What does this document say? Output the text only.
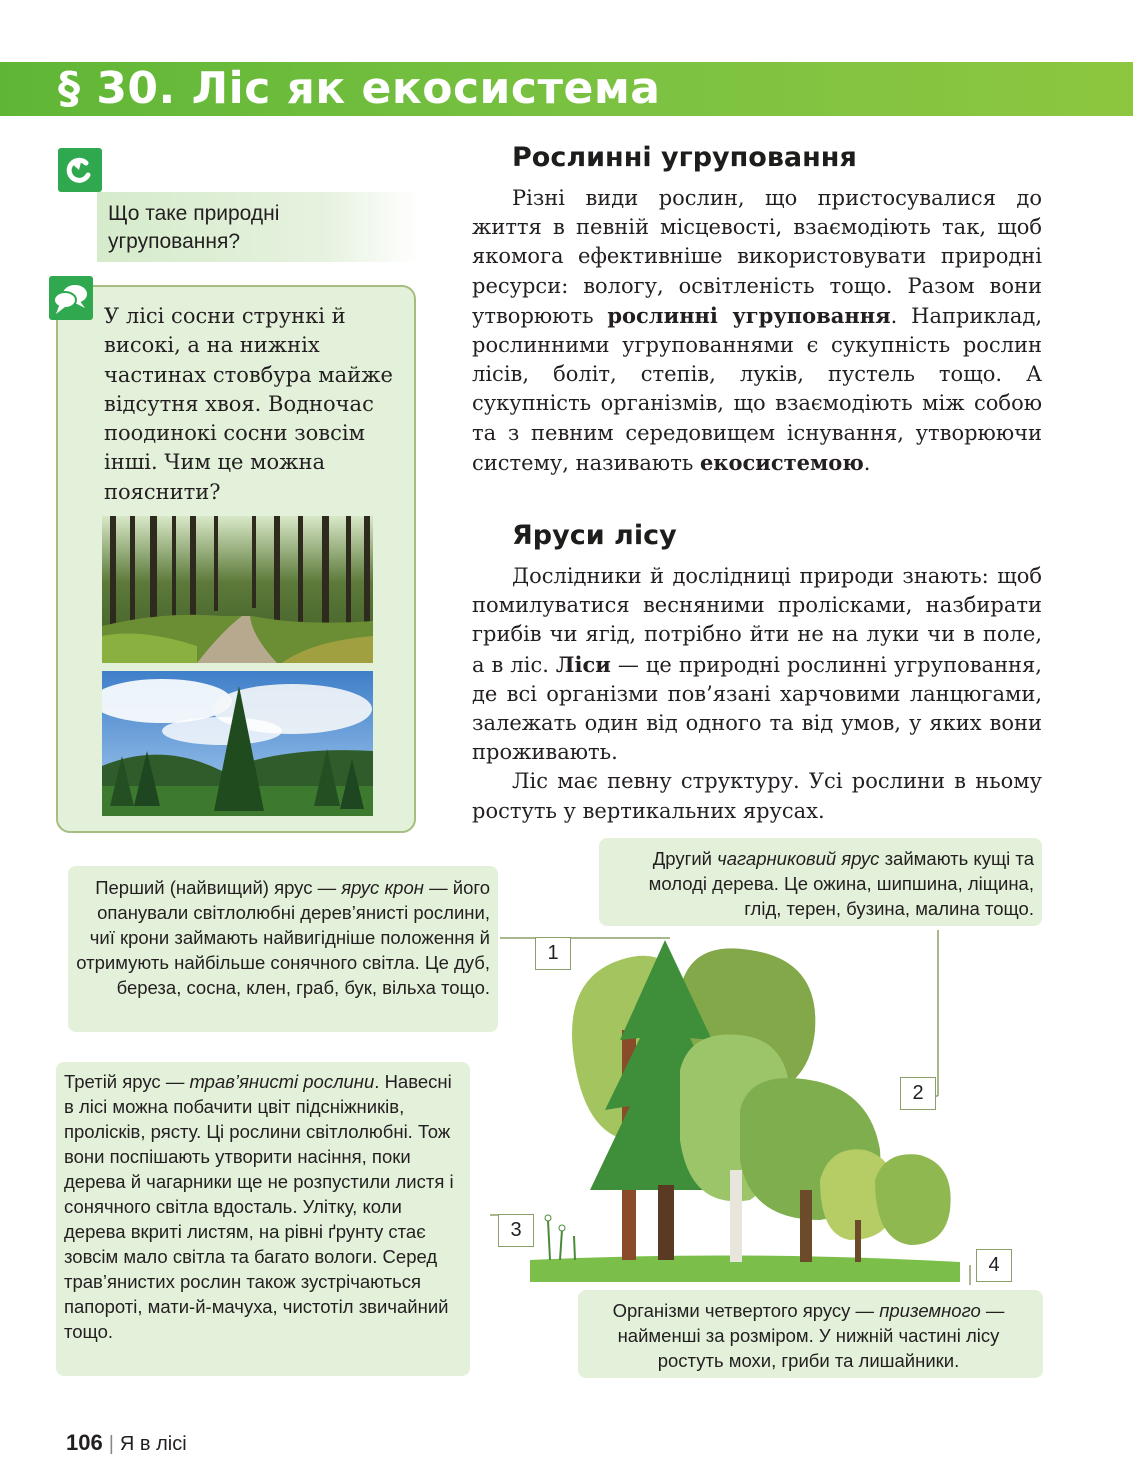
§ 30. Ліс як екосистема
Що таке природні угруповання?
У лісі сосни стрункі й високі, а на нижніх частинах стовбура майже відсутня хвоя. Водночас поодинокі сосни зовсім інші. Чим це можна пояснити?
Рослинні угруповання

Різні види рослин, що пристосувалися до життя в певній місцевості, взаємодіють так, щоб якомога ефективніше використовувати природні ресурси: вологу, освітленість тощо. Разом вони утворюють рослинні угруповання. Наприклад, рослинними угрупованнями є сукупність рослин лісів, боліт, степів, луків, пустель тощо. А сукупність організмів, що взаємодіють між собою та з певним середовищем існування, утворюючи систему, називають екосистемою.

Яруси лісу

Дослідники й дослідниці природи знають: щоб помилуватися весняними пролісками, назбирати грибів чи ягід, потрібно йти не на луки чи в поле, а в ліс. Ліси — це природні рослинні угруповання, де всі організми пов’язані харчовими ланцюгами, залежать один від одного та від умов, у яких вони проживають.

Ліс має певну структуру. Усі рослини в ньому ростуть у вертикальних ярусах.

Перший (найвищий) ярус — ярус крон — його опанували світлолюбні дерев’янисті рослини, чиї крони займають найвигідніше положення й отримують найбільше сонячного світла. Це дуб, береза, сосна, клен, граб, бук, вільха тощо.
Другий чагарниковий ярус займають кущі та молоді дерева. Це ожина, шипшина, ліщина, глід, терен, бузина, малина тощо.
Третій ярус — трав’янисті рослини. Навесні в лісі можна побачити цвіт підсніжників, пролісків, рясту. Ці рослини світлолюбні. Тож вони поспішають утворити насіння, поки дерева й чагарники ще не розпустили листя і сонячного світла вдосталь. Улітку, коли дерева вкриті листям, на рівні ґрунту стає зовсім мало світла та багато вологи. Серед трав’янистих рослин також зустрічаються папороті, мати-й-мачуха, чистотіл звичайний тощо.
Організми четвертого ярусу — приземного — найменші за розміром. У нижній частині лісу ростуть мохи, гриби та лишайники.
1
2
3
4
106 | Я в лісі
